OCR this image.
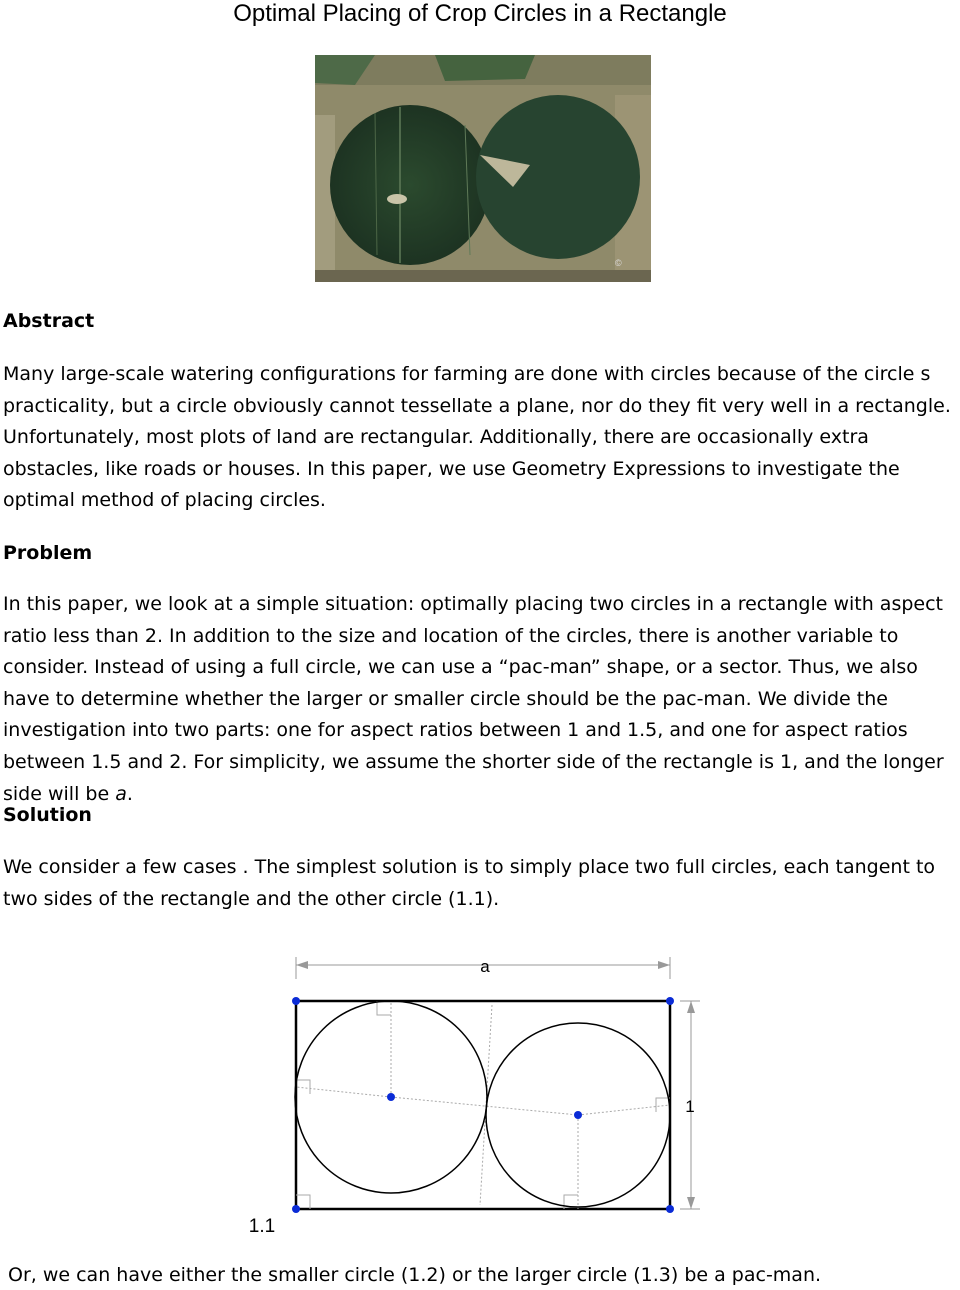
Optimal Placing of Crop Circles in a Rectangle
©
Abstract
Many large-scale watering configurations for farming are done with circles because of the circle s practicality, but a circle obviously cannot tessellate a plane, nor do they fit very well in a rectangle. Unfortunately, most plots of land are rectangular. Additionally, there are occasionally extra obstacles, like roads or houses. In this paper, we use Geometry Expressions to investigate the optimal method of placing circles.
Problem
In this paper, we look at a simple situation: optimally placing two circles in a rectangle with aspect ratio less than 2. In addition to the size and location of the circles, there is another variable to consider. Instead of using a full circle, we can use a “pac-man” shape, or a sector. Thus, we also have to determine whether the larger or smaller circle should be the pac-man. We divide the investigation into two parts: one for aspect ratios between 1 and 1.5, and one for aspect ratios between 1.5 and 2. For simplicity, we assume the shorter side of the rectangle is 1, and the longer side will be a.
Solution
We consider a few cases . The simplest solution is to simply place two full circles, each tangent to two sides of the rectangle and the other circle (1.1).
a
1
1.1
Or, we can have either the smaller circle (1.2) or the larger circle (1.3) be a pac-man.
